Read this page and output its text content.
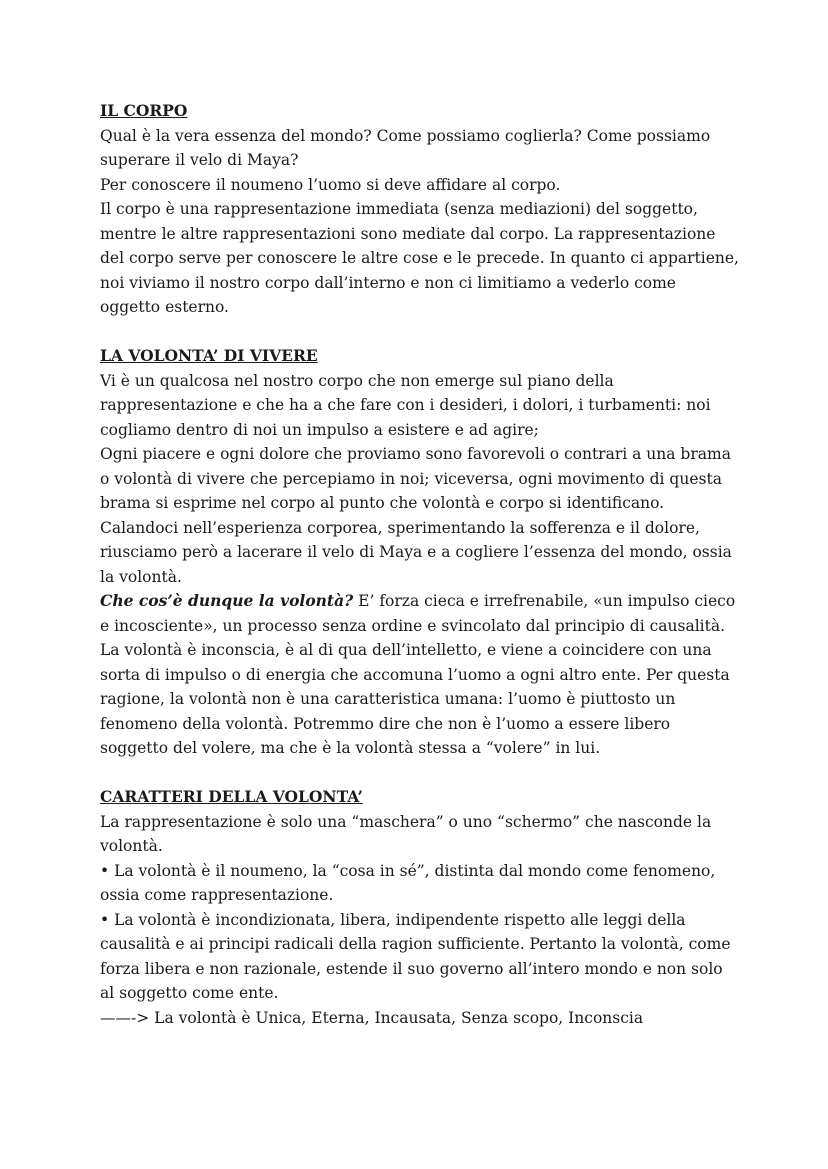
IL CORPO

Qual è la vera essenza del mondo? Come possiamo coglierla? Come possiamo superare il velo di Maya?

Per conoscere il noumeno l’uomo si deve affidare al corpo.

Il corpo è una rappresentazione immediata (senza mediazioni) del soggetto, mentre le altre rappresentazioni sono mediate dal corpo. La rappresentazione del corpo serve per conoscere le altre cose e le precede. In quanto ci appartiene, noi viviamo il nostro corpo dall’interno e non ci limitiamo a vederlo come oggetto esterno.

LA VOLONTA’ DI VIVERE

Vi è un qualcosa nel nostro corpo che non emerge sul piano della rappresentazione e che ha a che fare con i desideri, i dolori, i turbamenti: noi cogliamo dentro di noi un impulso a esistere e ad agire;

Ogni piacere e ogni dolore che proviamo sono favorevoli o contrari a una brama o volontà di vivere che percepiamo in noi; viceversa, ogni movimento di questa brama si esprime nel corpo al punto che volontà e corpo si identificano. Calandoci nell’esperienza corporea, sperimentando la sofferenza e il dolore, riusciamo però a lacerare il velo di Maya e a cogliere l’essenza del mondo, ossia la volontà.

Che cos’è dunque la volontà? E’ forza cieca e irrefrenabile, «un impulso cieco e incosciente», un processo senza ordine e svincolato dal principio di causalità. La volontà è inconscia, è al di qua dell’intelletto, e viene a coincidere con una sorta di impulso o di energia che accomuna l’uomo a ogni altro ente. Per questa ragione, la volontà non è una caratteristica umana: l’uomo è piuttosto un fenomeno della volontà. Potremmo dire che non è l’uomo a essere libero soggetto del volere, ma che è la volontà stessa a “volere” in lui.

CARATTERI DELLA VOLONTA’

La rappresentazione è solo una “maschera” o uno “schermo” che nasconde la volontà.

• La volontà è il noumeno, la “cosa in sé”, distinta dal mondo come fenomeno, ossia come rappresentazione.

• La volontà è incondizionata, libera, indipendente rispetto alle leggi della causalità e ai principi radicali della ragion sufficiente. Pertanto la volontà, come forza libera e non razionale, estende il suo governo all’intero mondo e non solo al soggetto come ente.

——-> La volontà è Unica, Eterna, Incausata, Senza scopo, Inconscia
